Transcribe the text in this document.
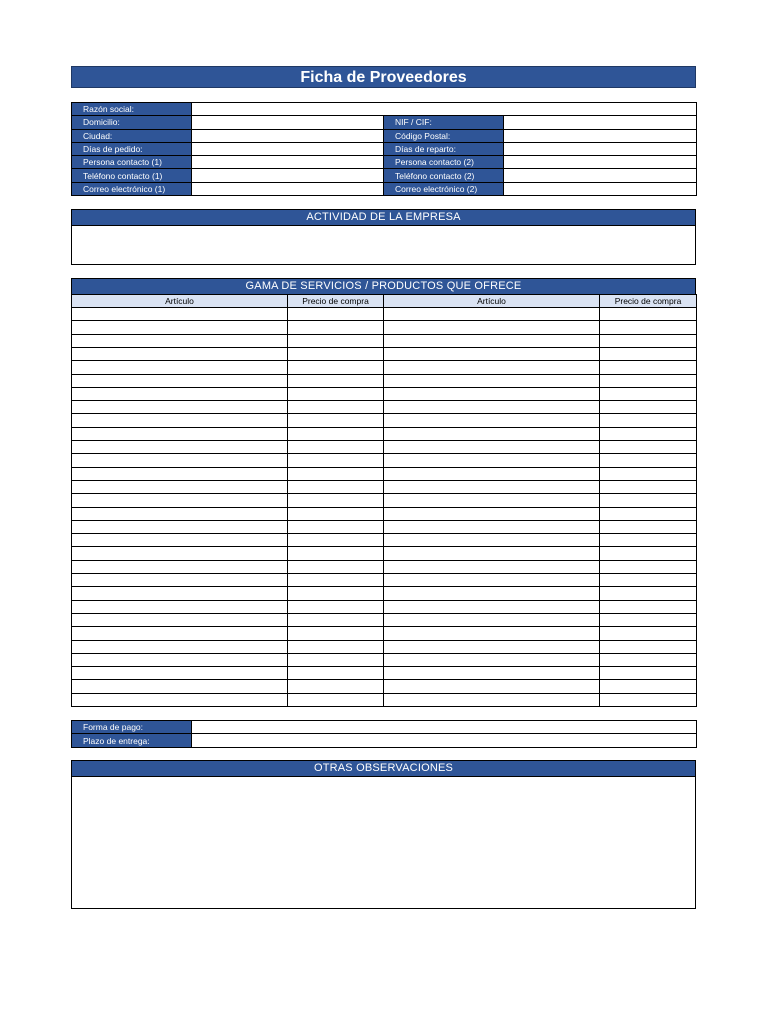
Ficha de Proveedores
Razón social:			
Domicilio:		NIF / CIF:	
Ciudad:		Código Postal:	
Días de pedido:		Días de reparto:	
Persona contacto (1)		Persona contacto (2)	
Teléfono contacto (1)		Teléfono contacto (2)	
Correo electrónico (1)		Correo electrónico (2)	
ACTIVIDAD DE LA EMPRESA
GAMA DE SERVICIOS / PRODUCTOS QUE OFRECE
Artículo	Precio de compra	Artículo	Precio de compra

Forma de pago:	
Plazo de entrega:	
OTRAS OBSERVACIONES
